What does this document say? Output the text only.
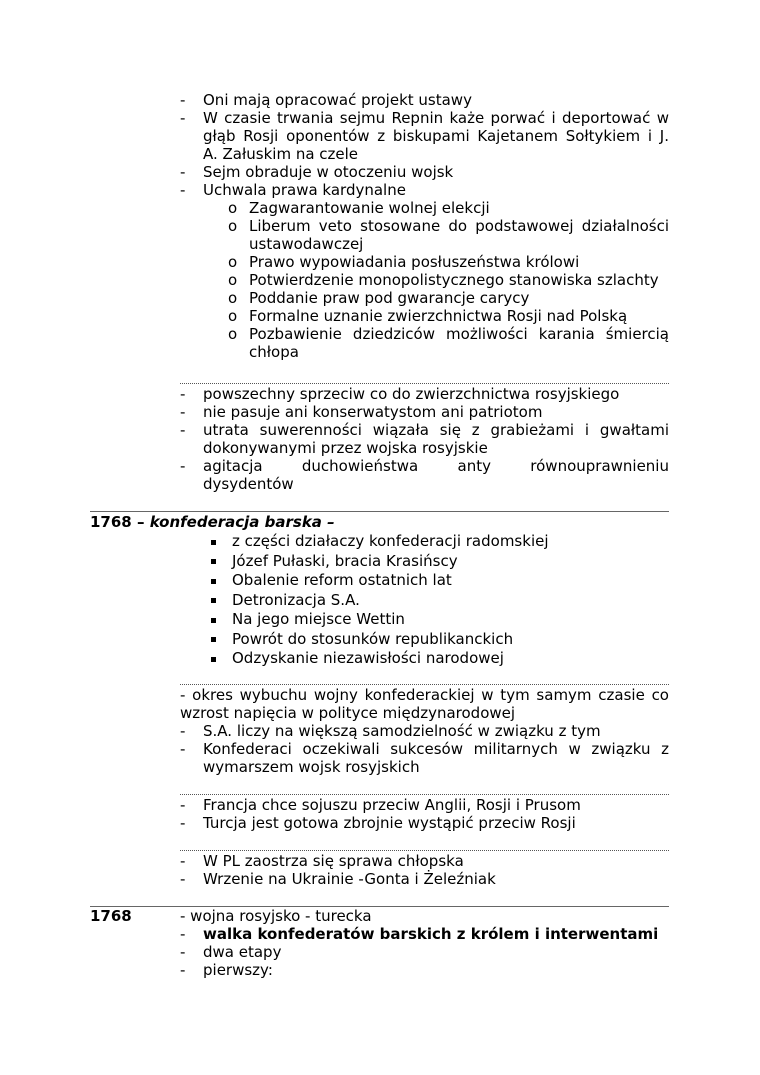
- Oni mają opracować projekt ustawy
- W czasie trwania sejmu Repnin każe porwać i deportować w
głąb Rosji oponentów z biskupami Kajetanem Sołtykiem i J.
A. Załuskim na czele
- Sejm obraduje w otoczeniu wojsk
- Uchwala prawa kardynalne
o Zagwarantowanie wolnej elekcji
o Liberum veto stosowane do podstawowej działalności
ustawodawczej
o Prawo wypowiadania posłuszeństwa królowi
o Potwierdzenie monopolistycznego stanowiska szlachty
o Poddanie praw pod gwarancje carycy
o Formalne uznanie zwierzchnictwa Rosji nad Polską
o Pozbawienie dziedziców możliwości karania śmiercią
chłopa
- powszechny sprzeciw co do zwierzchnictwa rosyjskiego
- nie pasuje ani konserwatystom ani patriotom
- utrata suwerenności wiązała się z grabieżami i gwałtami
dokonywanymi przez wojska rosyjskie
- agitacja duchowieństwa anty równouprawnieniu
dysydentów
1768 – konfederacja barska –
z części działaczy konfederacji radomskiej
Józef Pułaski, bracia Krasińscy
Obalenie reform ostatnich lat
Detronizacja S.A.
Na jego miejsce Wettin
Powrót do stosunków republikanckich
Odzyskanie niezawisłości narodowej
- okres wybuchu wojny konfederackiej w tym samym czasie co
wzrost napięcia w polityce międzynarodowej
- S.A. liczy na większą samodzielność w związku z tym
- Konfederaci oczekiwali sukcesów militarnych w związku z
wymarszem wojsk rosyjskich
- Francja chce sojuszu przeciw Anglii, Rosji i Prusom
- Turcja jest gotowa zbrojnie wystąpić przeciw Rosji
- W PL zaostrza się sprawa chłopska
- Wrzenie na Ukrainie -Gonta i Żeleźniak
1768	- wojna rosyjsko - turecka
- walka konfederatów barskich z królem i interwentami
- dwa etapy
- pierwszy:
